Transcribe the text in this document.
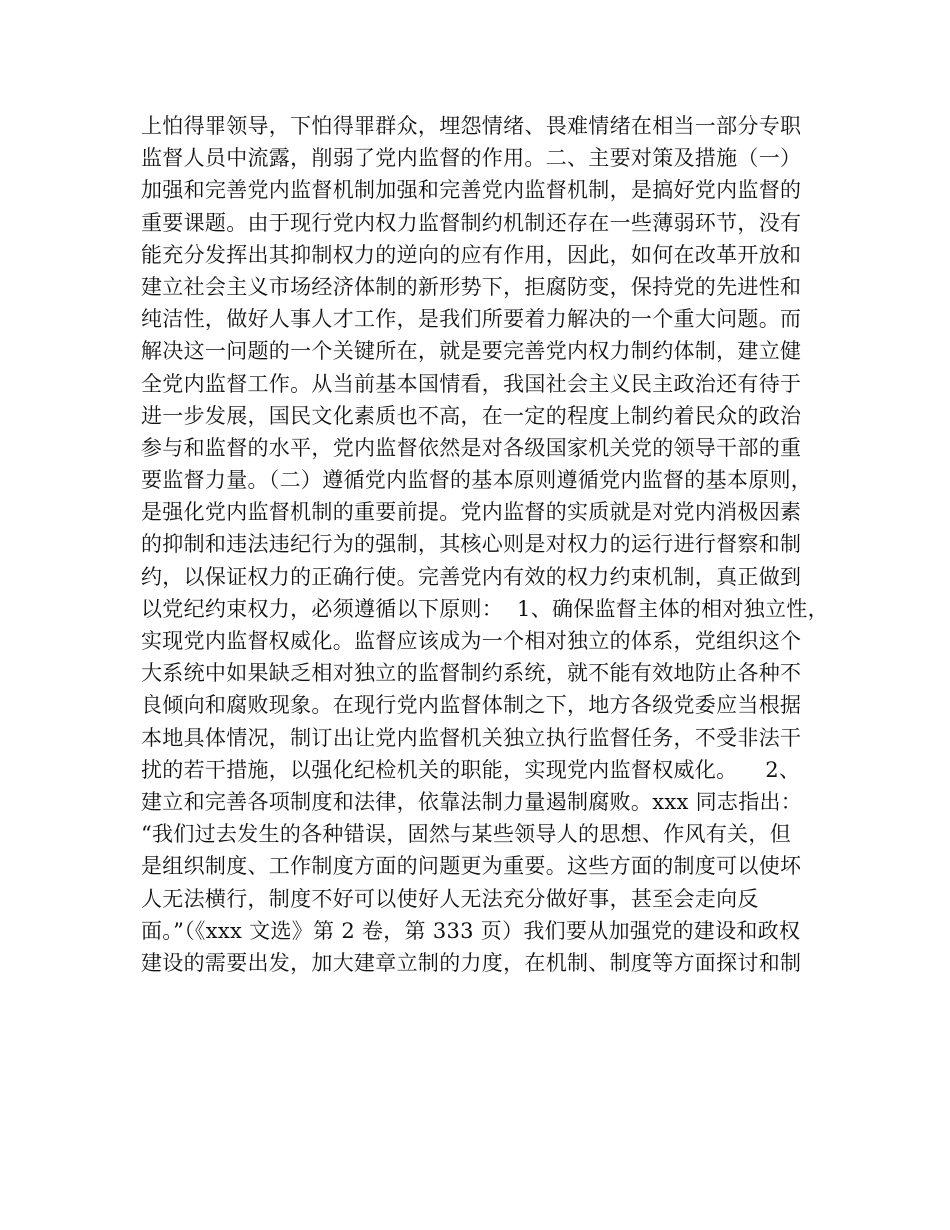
上怕得罪领导，下怕得罪群众，埋怨情绪、畏难情绪在相当一部分专职

监督人员中流露，削弱了党内监督的作用。二、主要对策及措施（一）

加强和完善党内监督机制加强和完善党内监督机制，是搞好党内监督的

重要课题。由于现行党内权力监督制约机制还存在一些薄弱环节，没有

能充分发挥出其抑制权力的逆向的应有作用，因此，如何在改革开放和

建立社会主义市场经济体制的新形势下，拒腐防变，保持党的先进性和

纯洁性，做好人事人才工作，是我们所要着力解决的一个重大问题。而

解决这一问题的一个关键所在，就是要完善党内权力制约体制，建立健

全党内监督工作。从当前基本国情看，我国社会主义民主政治还有待于

进一步发展，国民文化素质也不高，在一定的程度上制约着民众的政治

参与和监督的水平，党内监督依然是对各级国家机关党的领导干部的重

要监督力量。（二）遵循党内监督的基本原则遵循党内监督的基本原则，

是强化党内监督机制的重要前提。党内监督的实质就是对党内消极因素

的抑制和违法违纪行为的强制，其核心则是对权力的运行进行督察和制

约，以保证权力的正确行使。完善党内有效的权力约束机制，真正做到

以党纪约束权力，必须遵循以下原则：  1、确保监督主体的相对独立性，

实现党内监督权威化。监督应该成为一个相对独立的体系，党组织这个

大系统中如果缺乏相对独立的监督制约系统，就不能有效地防止各种不

良倾向和腐败现象。在现行党内监督体制之下，地方各级党委应当根据

本地具体情况，制订出让党内监督机关独立执行监督任务，不受非法干

扰的若干措施，以强化纪检机关的职能，实现党内监督权威化。    2、

建立和完善各项制度和法律，依靠法制力量遏制腐败。xxx 同志指出：

“我们过去发生的各种错误，固然与某些领导人的思想、作风有关，但

是组织制度、工作制度方面的问题更为重要。这些方面的制度可以使坏

人无法横行，制度不好可以使好人无法充分做好事，甚至会走向反

面。”（《xxx 文选》第 2 卷，第 333 页）我们要从加强党的建设和政权

建设的需要出发，加大建章立制的力度，在机制、制度等方面探讨和制
